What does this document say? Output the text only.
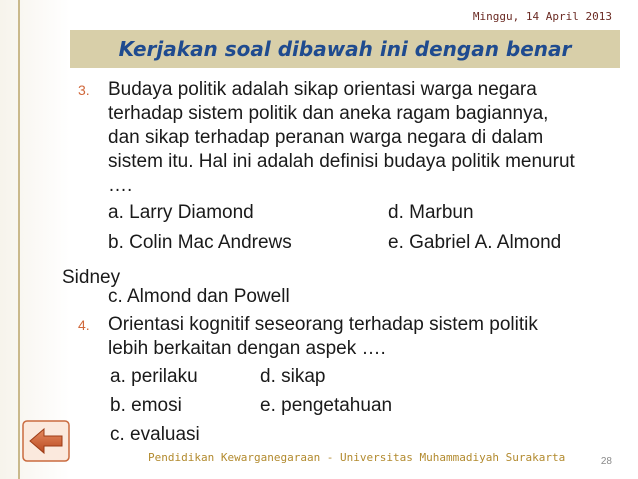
Minggu, 14 April 2013
Kerjakan soal dibawah ini dengan benar
3. Budaya politik adalah sikap orientasi warga negara
terhadap sistem politik dan aneka ragam bagiannya,
dan sikap terhadap peranan warga negara di dalam
sistem itu. Hal ini adalah definisi budaya politik menurut
….
a. Larry Diamond	d. Marbun
b. Colin Mac Andrews	e. Gabriel A. Almond
c. Almond dan Powell
4. Orientasi kognitif seseorang terhadap sistem politik
lebih berkaitan dengan aspek ….
a. perilaku	d. sikap
b. emosi	e. pengetahuan
c. evaluasi
Sidney
Pendidikan Kewarganegaraan - Universitas Muhammadiyah Surakarta	28
